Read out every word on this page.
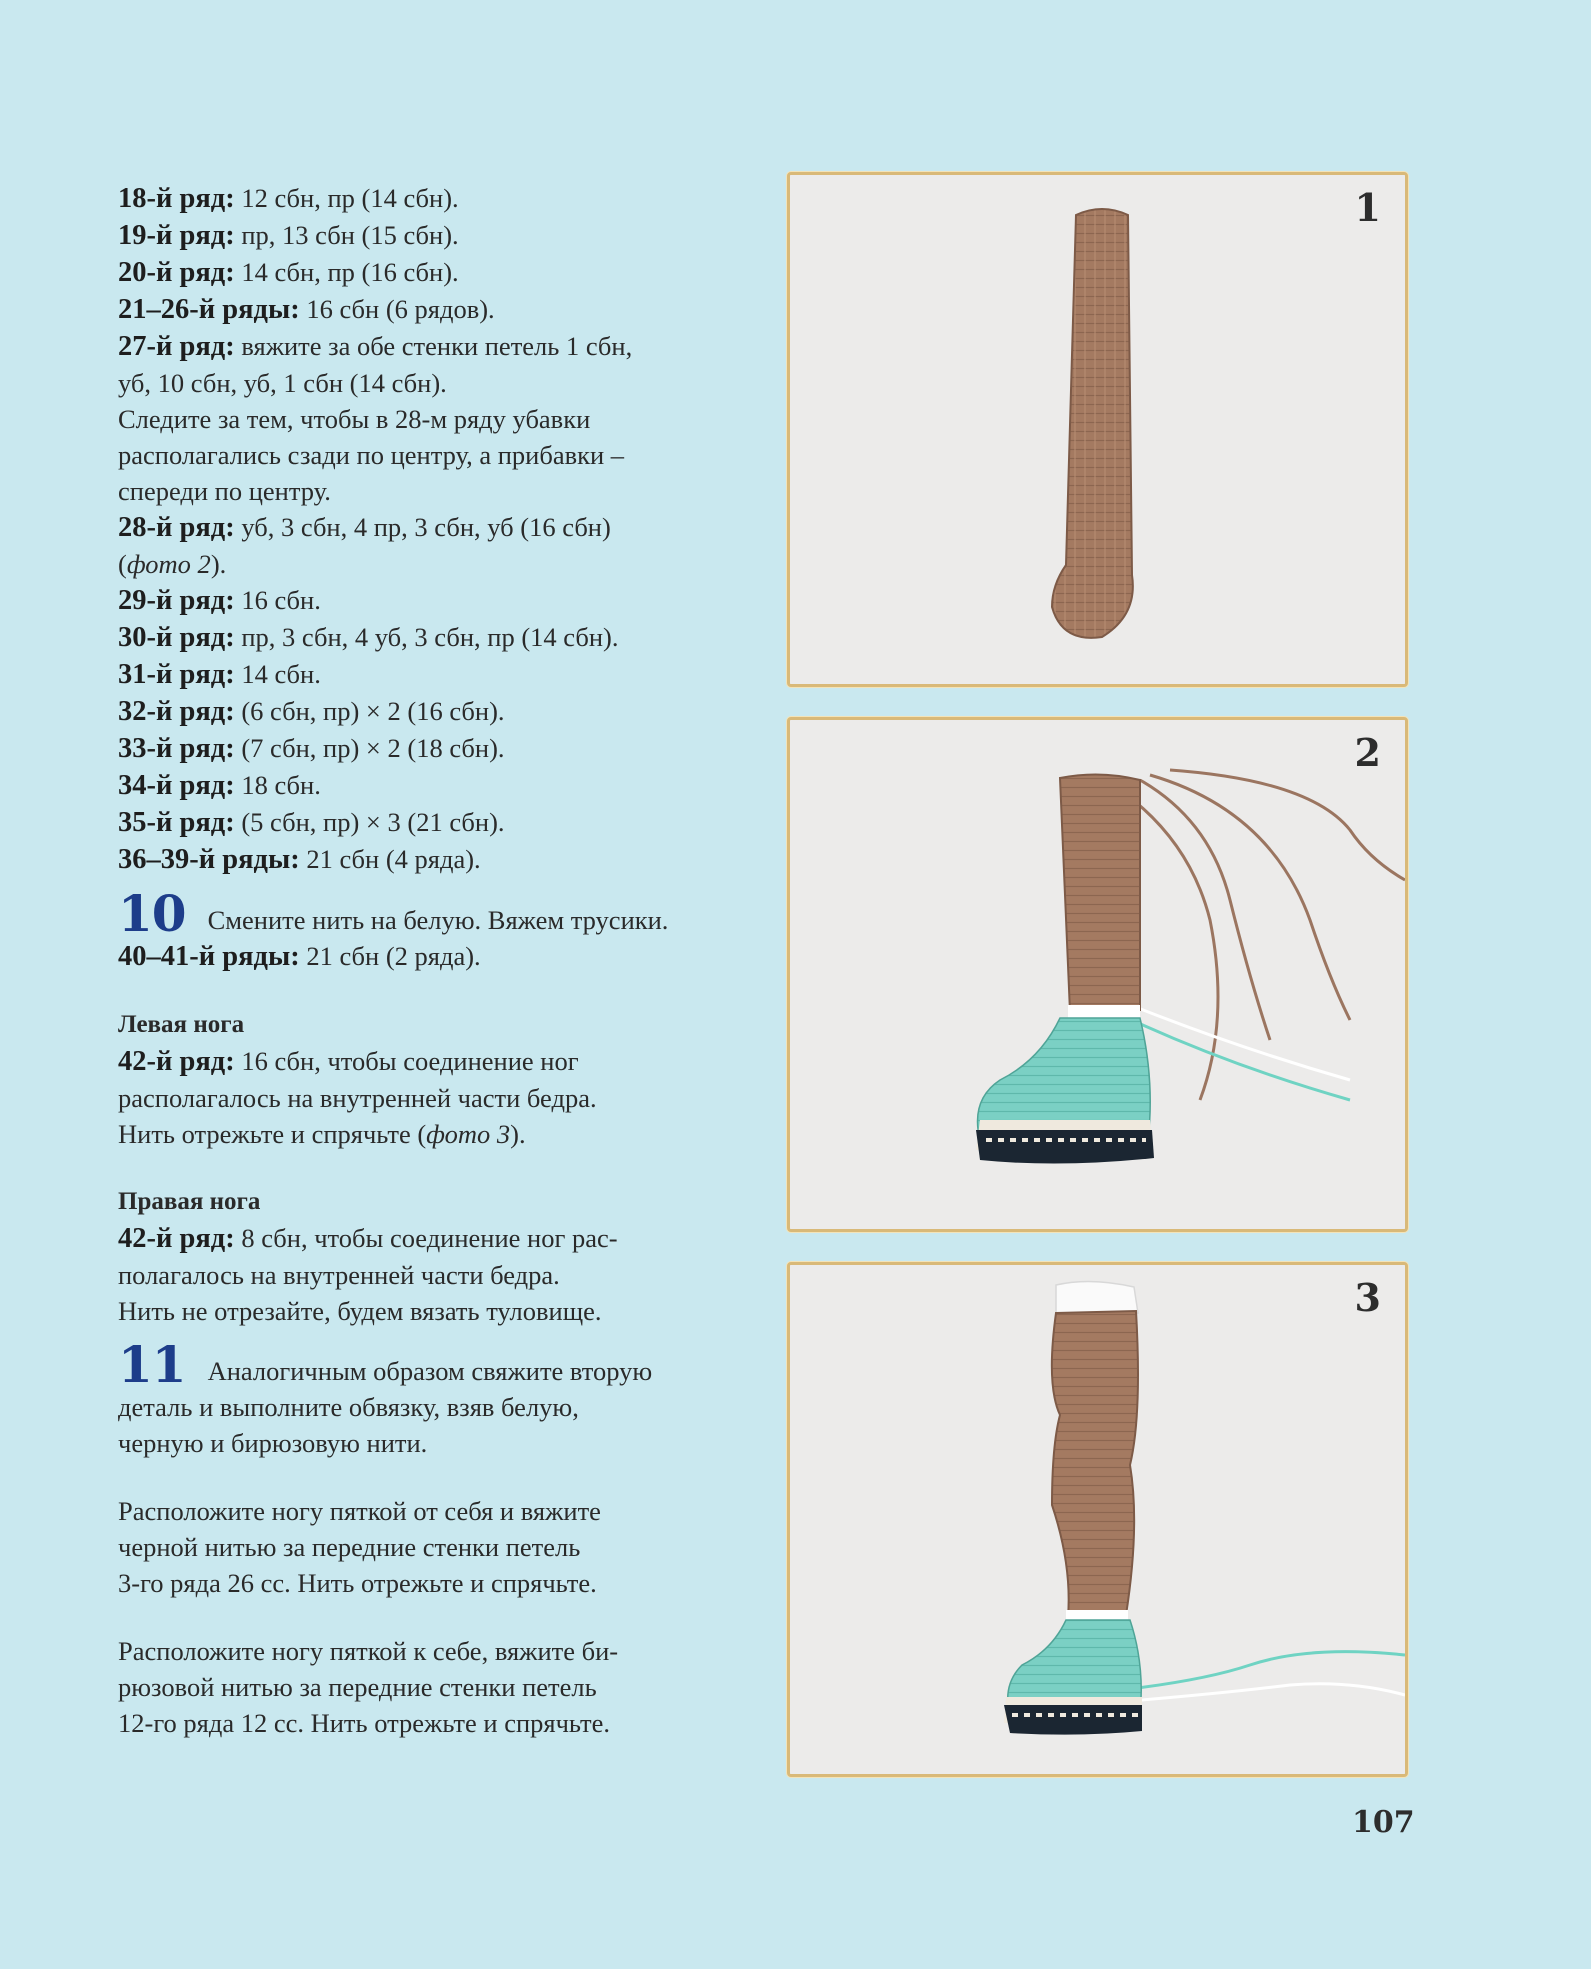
18-й ряд: 12 сбн, пр (14 сбн).
19-й ряд: пр, 13 сбн (15 сбн).
20-й ряд: 14 сбн, пр (16 сбн).
21–26-й ряды: 16 сбн (6 рядов).
27-й ряд: вяжите за обе стенки петель 1 сбн,
уб, 10 сбн, уб, 1 сбн (14 сбн).
Следите за тем, чтобы в 28-м ряду убавки
располагались сзади по центру, а прибавки –
спереди по центру.
28-й ряд: уб, 3 сбн, 4 пр, 3 сбн, уб (16 сбн)
(фото 2).
29-й ряд: 16 сбн.
30-й ряд: пр, 3 сбн, 4 уб, 3 сбн, пр (14 сбн).
31-й ряд: 14 сбн.
32-й ряд: (6 сбн, пр) × 2 (16 сбн).
33-й ряд: (7 сбн, пр) × 2 (18 сбн).
34-й ряд: 18 сбн.
35-й ряд: (5 сбн, пр) × 3 (21 сбн).
36–39-й ряды: 21 сбн (4 ряда).
10 Смените нить на белую. Вяжем трусики.
40–41-й ряды: 21 сбн (2 ряда).
Левая нога
42-й ряд: 16 сбн, чтобы соединение ног
располагалось на внутренней части бедра.
Нить отрежьте и спрячьте (фото 3).
Правая нога
42-й ряд: 8 сбн, чтобы соединение ног рас-
полагалось на внутренней части бедра.
Нить не отрезайте, будем вязать туловище.
11 Аналогичным образом свяжите вторую
деталь и выполните обвязку, взяв белую,
черную и бирюзовую нити.
Расположите ногу пяткой от себя и вяжите
черной нитью за передние стенки петель
3-го ряда 26 сс. Нить отрежьте и спрячьте.
Расположите ногу пяткой к себе, вяжите би-
рюзовой нитью за передние стенки петель
12-го ряда 12 сс. Нить отрежьте и спрячьте.
1
2
3
107
